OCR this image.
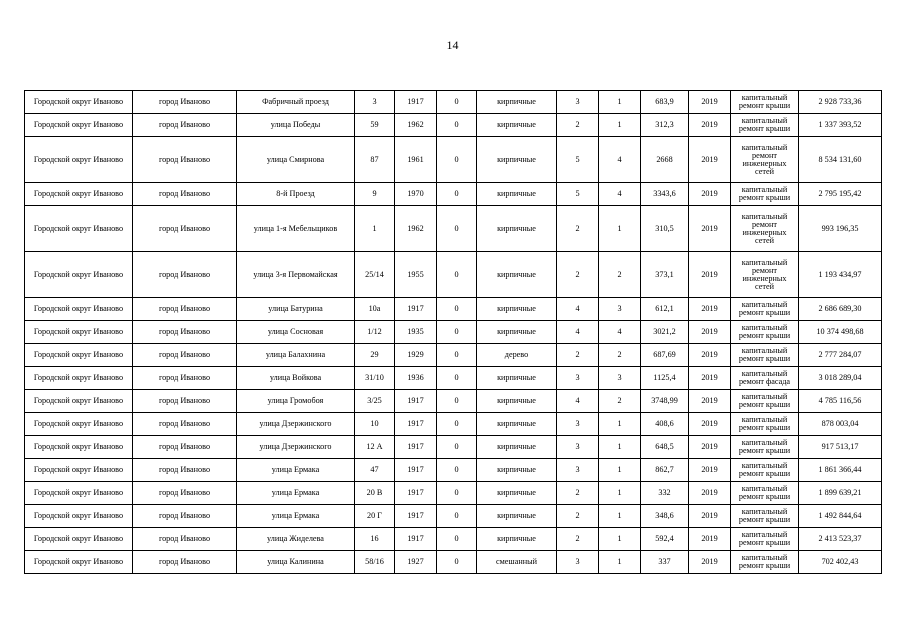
14
Городской округ Иваново	город Иваново	Фабричный проезд	3	1917	0	кирпичные	3	1	683,9	2019	капитальный ремонт крыши	2 928 733,36
Городской округ Иваново	город Иваново	улица Победы	59	1962	0	кирпичные	2	1	312,3	2019	капитальный ремонт крыши	1 337 393,52
Городской округ Иваново	город Иваново	улица Смирнова	87	1961	0	кирпичные	5	4	2668	2019	капитальный ремонт инженерных сетей	8 534 131,60
Городской округ Иваново	город Иваново	8-й Проезд	9	1970	0	кирпичные	5	4	3343,6	2019	капитальный ремонт крыши	2 795 195,42
Городской округ Иваново	город Иваново	улица 1-я Мебельщиков	1	1962	0	кирпичные	2	1	310,5	2019	капитальный ремонт инженерных сетей	993 196,35
Городской округ Иваново	город Иваново	улица 3-я Первомайская	25/14	1955	0	кирпичные	2	2	373,1	2019	капитальный ремонт инженерных сетей	1 193 434,97
Городской округ Иваново	город Иваново	улица Батурина	10а	1917	0	кирпичные	4	3	612,1	2019	капитальный ремонт крыши	2 686 689,30
Городской округ Иваново	город Иваново	улица Сосновая	1/12	1935	0	кирпичные	4	4	3021,2	2019	капитальный ремонт крыши	10 374 498,68
Городской округ Иваново	город Иваново	улица Балахнина	29	1929	0	дерево	2	2	687,69	2019	капитальный ремонт крыши	2 777 284,07
Городской округ Иваново	город Иваново	улица Войкова	31/10	1936	0	кирпичные	3	3	1125,4	2019	капитальный ремонт фасада	3 018 289,04
Городской округ Иваново	город Иваново	улица Громобоя	3/25	1917	0	кирпичные	4	2	3748,99	2019	капитальный ремонт крыши	4 785 116,56
Городской округ Иваново	город Иваново	улица Дзержинского	10	1917	0	кирпичные	3	1	408,6	2019	капитальный ремонт крыши	878 003,04
Городской округ Иваново	город Иваново	улица Дзержинского	12 А	1917	0	кирпичные	3	1	648,5	2019	капитальный ремонт крыши	917 513,17
Городской округ Иваново	город Иваново	улица Ермака	47	1917	0	кирпичные	3	1	862,7	2019	капитальный ремонт крыши	1 861 366,44
Городской округ Иваново	город Иваново	улица Ермака	20 В	1917	0	кирпичные	2	1	332	2019	капитальный ремонт крыши	1 899 639,21
Городской округ Иваново	город Иваново	улица Ермака	20 Г	1917	0	кирпичные	2	1	348,6	2019	капитальный ремонт крыши	1 492 844,64
Городской округ Иваново	город Иваново	улица Жиделева	16	1917	0	кирпичные	2	1	592,4	2019	капитальный ремонт крыши	2 413 523,37
Городской округ Иваново	город Иваново	улица Калинина	58/16	1927	0	смешанный	3	1	337	2019	капитальный ремонт крыши	702 402,43
